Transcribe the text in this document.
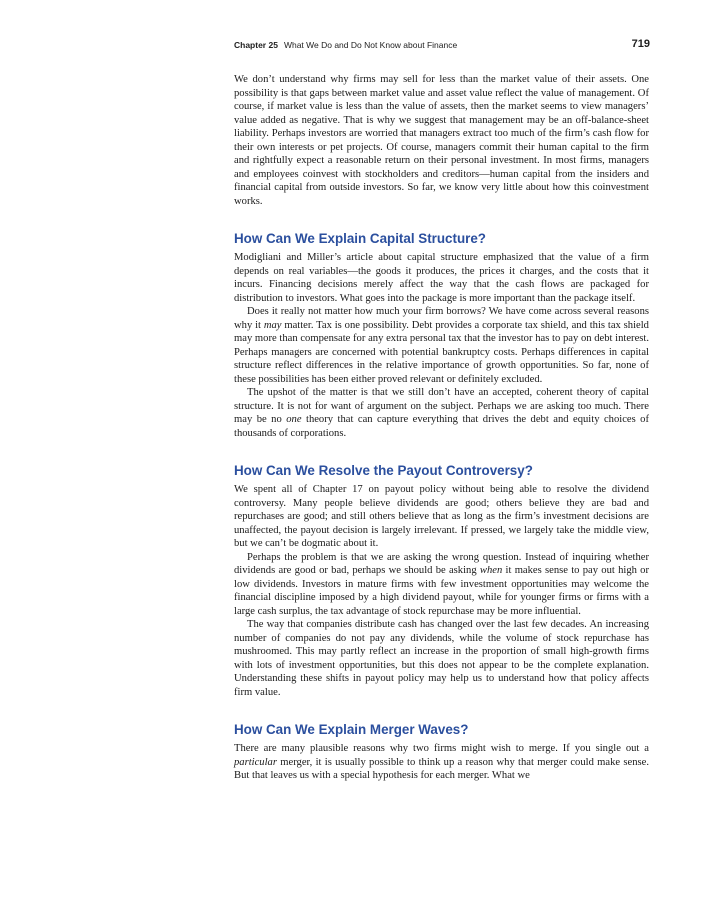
Chapter 25 What We Do and Do Not Know about Finance	719

We don’t understand why firms may sell for less than the market value of their assets. One possibility is that gaps between market value and asset value reflect the value of management. Of course, if market value is less than the value of assets, then the market seems to view managers’ value added as negative. That is why we suggest that management may be an off-balance-sheet liability. Perhaps investors are worried that managers extract too much of the firm’s cash flow for their own interests or pet projects. Of course, managers commit their human capital to the firm and rightfully expect a reasonable return on their personal investment. In most firms, managers and employees coinvest with stockholders and creditors—human capital from the insiders and financial capital from outside investors. So far, we know very little about how this coinvestment works.

How Can We Explain Capital Structure?

Modigliani and Miller’s article about capital structure emphasized that the value of a firm depends on real variables—the goods it produces, the prices it charges, and the costs that it incurs. Financing decisions merely affect the way that the cash flows are packaged for distribution to investors. What goes into the package is more important than the package itself.

Does it really not matter how much your firm borrows? We have come across several reasons why it may matter. Tax is one possibility. Debt provides a corporate tax shield, and this tax shield may more than compensate for any extra personal tax that the investor has to pay on debt interest. Perhaps managers are concerned with potential bankruptcy costs. Perhaps differences in capital structure reflect differences in the relative importance of growth opportunities. So far, none of these possibilities has been either proved relevant or definitely excluded.

The upshot of the matter is that we still don’t have an accepted, coherent theory of capital structure. It is not for want of argument on the subject. Perhaps we are asking too much. There may be no one theory that can capture everything that drives the debt and equity choices of thousands of corporations.

How Can We Resolve the Payout Controversy?

We spent all of Chapter 17 on payout policy without being able to resolve the dividend controversy. Many people believe dividends are good; others believe they are bad and repurchases are good; and still others believe that as long as the firm’s investment decisions are unaffected, the payout decision is largely irrelevant. If pressed, we largely take the middle view, but we can’t be dogmatic about it.

Perhaps the problem is that we are asking the wrong question. Instead of inquiring whether dividends are good or bad, perhaps we should be asking when it makes sense to pay out high or low dividends. Investors in mature firms with few investment opportunities may welcome the financial discipline imposed by a high dividend payout, while for younger firms or firms with a large cash surplus, the tax advantage of stock repurchase may be more influential.

The way that companies distribute cash has changed over the last few decades. An increasing number of companies do not pay any dividends, while the volume of stock repurchase has mushroomed. This may partly reflect an increase in the proportion of small high-growth firms with lots of investment opportunities, but this does not appear to be the complete explanation. Understanding these shifts in payout policy may help us to understand how that policy affects firm value.

How Can We Explain Merger Waves?

There are many plausible reasons why two firms might wish to merge. If you single out a particular merger, it is usually possible to think up a reason why that merger could make sense. But that leaves us with a special hypothesis for each merger. What we
